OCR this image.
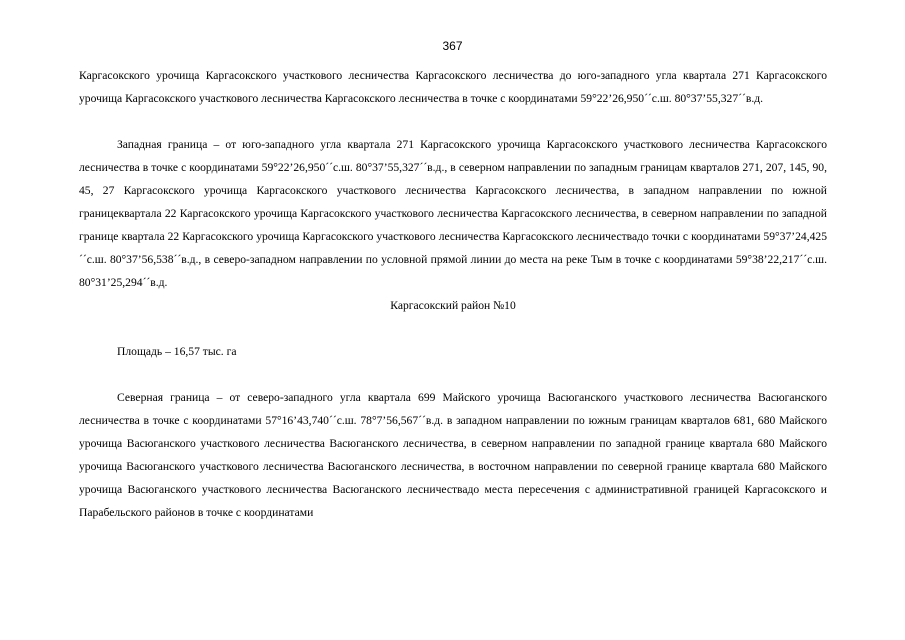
367

Каргасокского урочища Каргасокского участкового лесничества Каргасокского лесничества до юго-западного угла квартала 271 Каргасокского урочища Каргасокского участкового лесничества Каргасокского лесничества в точке с координатами 59°22’26,950´´с.ш. 80°37’55,327´´в.д.

Западная граница – от юго-западного угла квартала 271 Каргасокского урочища Каргасокского участкового лесничества Каргасокского лесничества в точке с координатами 59°22’26,950´´с.ш. 80°37’55,327´´в.д., в северном направлении по западным границам кварталов 271, 207, 145, 90, 45, 27 Каргасокского урочища Каргасокского участкового лесничества Каргасокского лесничества, в западном направлении по южной границеквартала 22 Каргасокского урочища Каргасокского участкового лесничества Каргасокского лесничества, в северном направлении по западной границе квартала 22 Каргасокского урочища Каргасокского участкового лесничества Каргасокского лесничествадо точки с координатами 59°37’24,425´´с.ш. 80°37’56,538´´в.д., в северо-западном направлении по условной прямой линии до места на реке Тым в точке с координатами 59°38’22,217´´с.ш. 80°31’25,294´´в.д.

Каргасокский район №10

Площадь – 16,57 тыс. га

Северная граница – от северо-западного угла квартала 699 Майского урочища Васюганского участкового лесничества Васюганского лесничества в точке с координатами 57°16’43,740´´с.ш. 78°7’56,567´´в.д. в западном направлении по южным границам кварталов 681, 680 Майского урочища Васюганского участкового лесничества Васюганского лесничества, в северном направлении по западной границе квартала 680 Майского урочища Васюганского участкового лесничества Васюганского лесничества, в восточном направлении по северной границе квартала 680 Майского урочища Васюганского участкового лесничества Васюганского лесничествадо места пересечения с административной границей Каргасокского и Парабельского районов в точке с координатами
